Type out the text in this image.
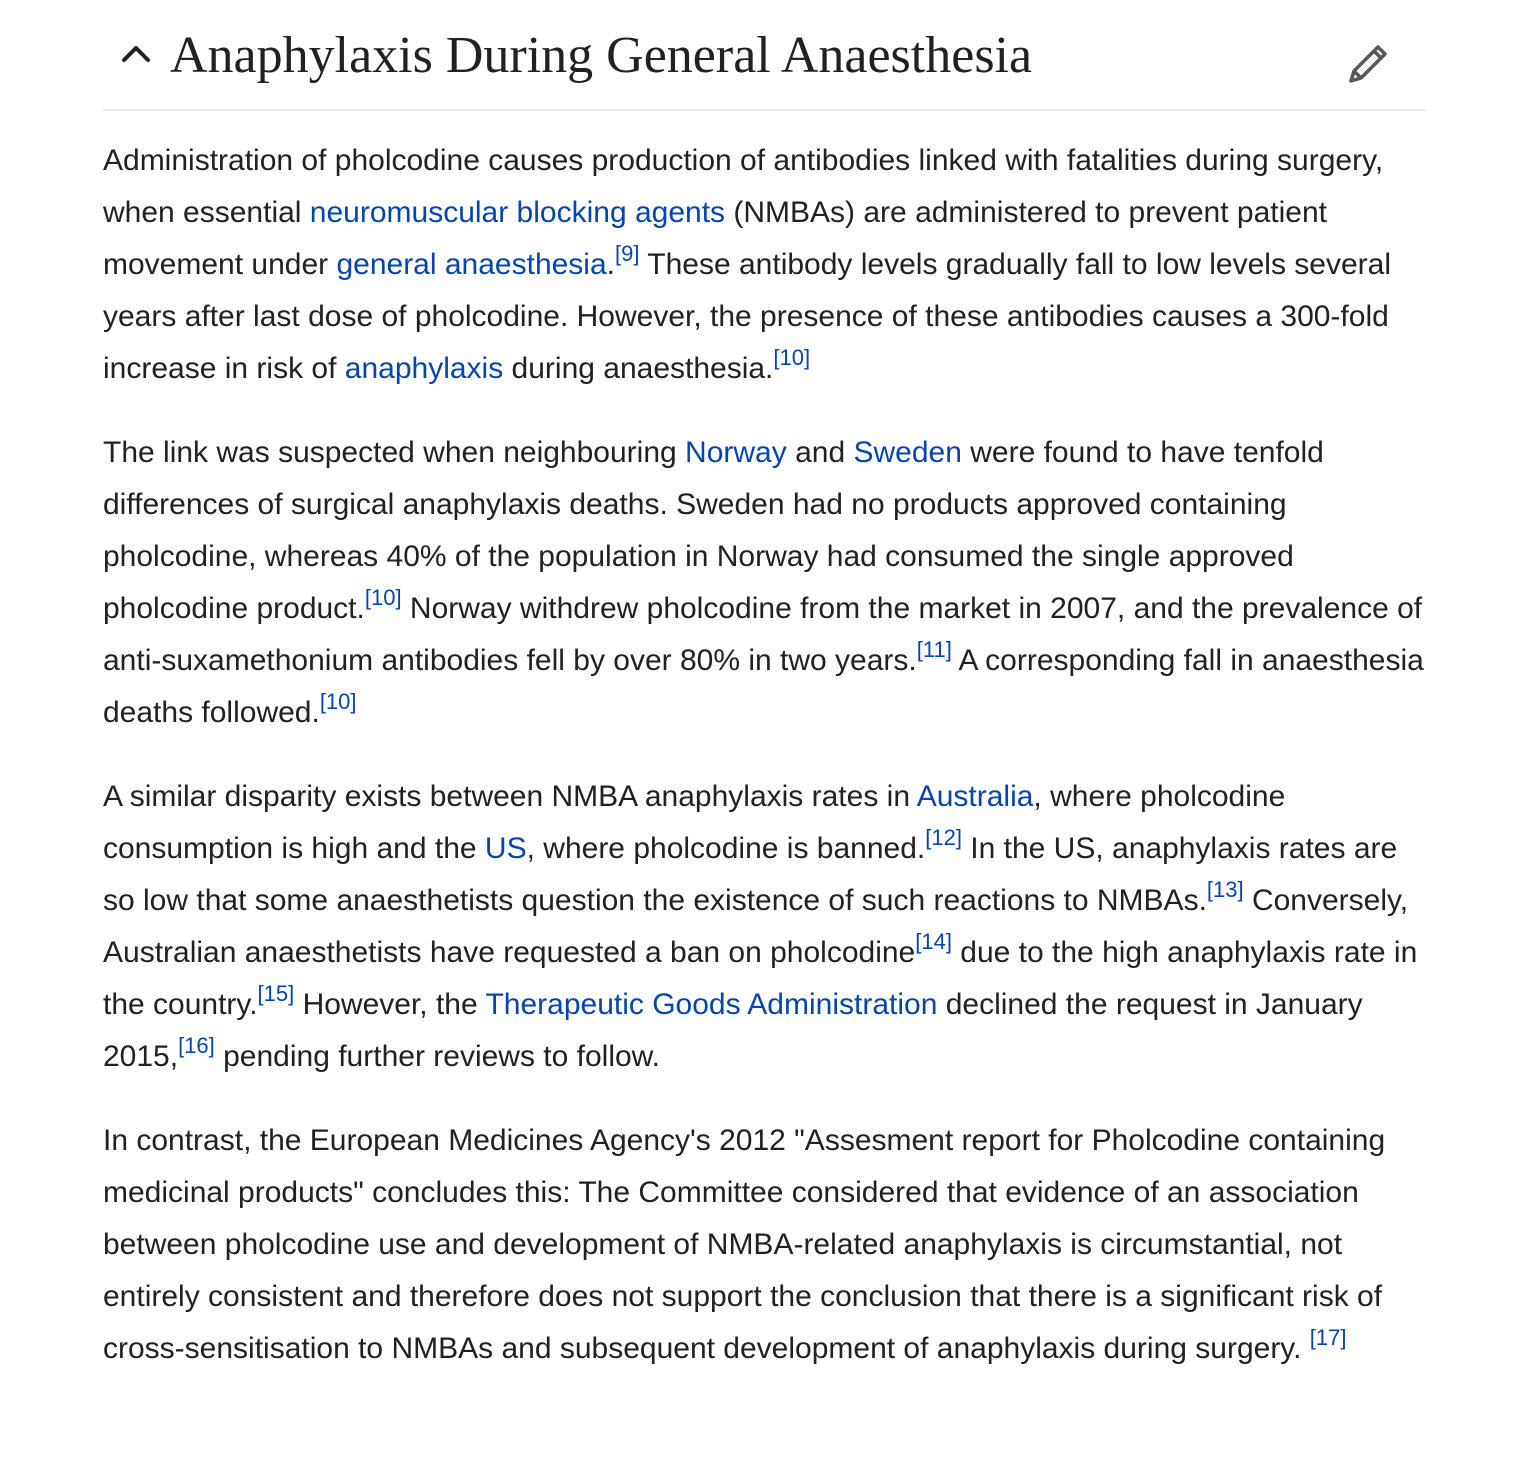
Anaphylaxis During General Anaesthesia

Administration of pholcodine causes production of antibodies linked with fatalities during surgery, when essential neuromuscular blocking agents (NMBAs) are administered to prevent patient movement under general anaesthesia.[9] These antibody levels gradually fall to low levels several years after last dose of pholcodine. However, the presence of these antibodies causes a 300-fold increase in risk of anaphylaxis during anaesthesia.[10]

The link was suspected when neighbouring Norway and Sweden were found to have tenfold differences of surgical anaphylaxis deaths. Sweden had no products approved containing pholcodine, whereas 40% of the population in Norway had consumed the single approved pholcodine product.[10] Norway withdrew pholcodine from the market in 2007, and the prevalence of anti-suxamethonium antibodies fell by over 80% in two years.[11] A corresponding fall in anaesthesia deaths followed.[10]

A similar disparity exists between NMBA anaphylaxis rates in Australia, where pholcodine consumption is high and the US, where pholcodine is banned.[12] In the US, anaphylaxis rates are so low that some anaesthetists question the existence of such reactions to NMBAs.[13] Conversely, Australian anaesthetists have requested a ban on pholcodine[14] due to the high anaphylaxis rate in the country.[15] However, the Therapeutic Goods Administration declined the request in January 2015,[16] pending further reviews to follow.

In contrast, the European Medicines Agency's 2012 "Assesment report for Pholcodine containing medicinal products" concludes this: The Committee considered that evidence of an association between pholcodine use and development of NMBA-related anaphylaxis is circumstantial, not entirely consistent and therefore does not support the conclusion that there is a significant risk of cross-sensitisation to NMBAs and subsequent development of anaphylaxis during surgery. [17]
